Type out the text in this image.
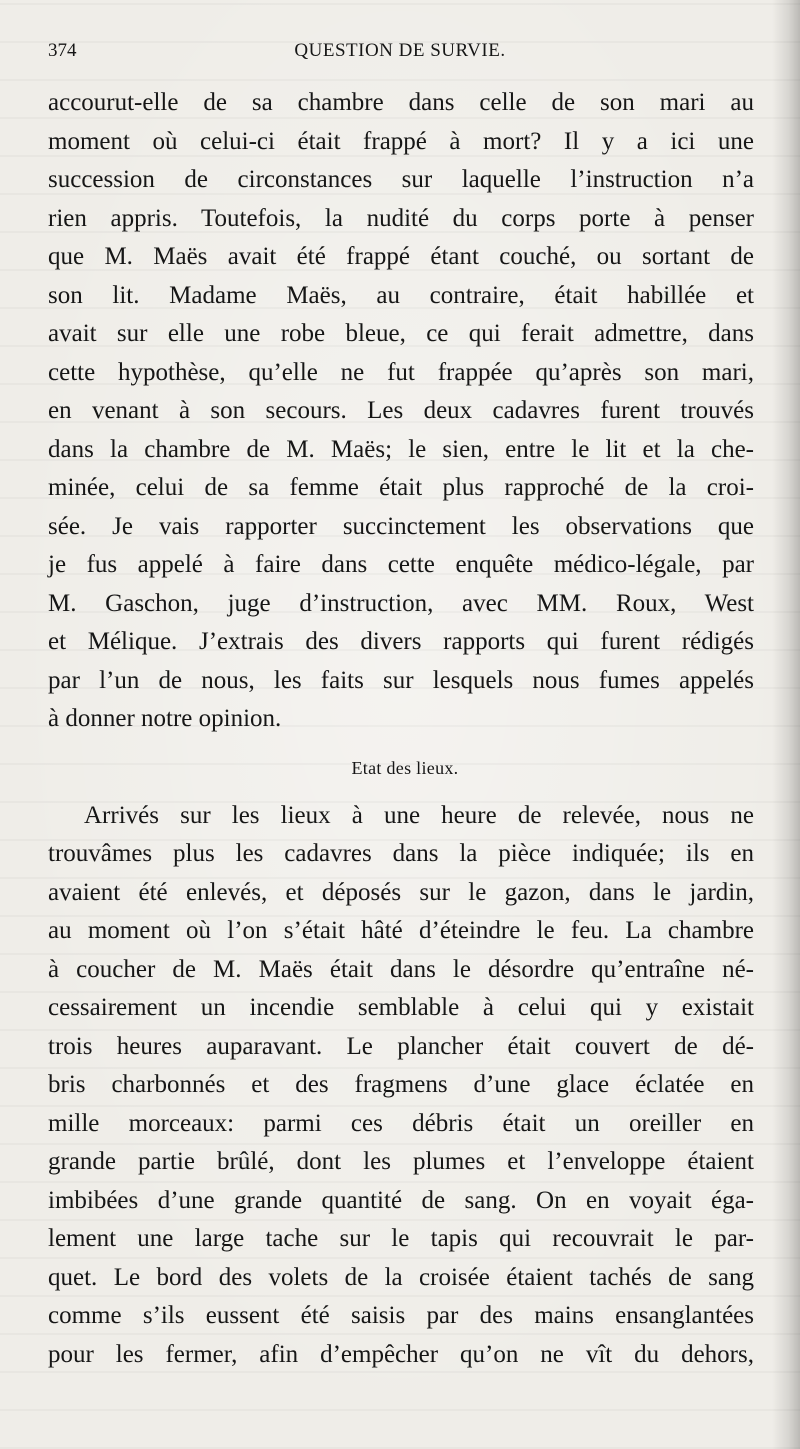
374	QUESTION DE SURVIE.
accourut-elle de sa chambre dans celle de son mari au
moment où celui-ci était frappé à mort? Il y a ici une
succession de circonstances sur laquelle l’instruction n’a
rien appris. Toutefois, la nudité du corps porte à penser
que M. Maës avait été frappé étant couché, ou sortant de
son lit. Madame Maës, au contraire, était habillée et
avait sur elle une robe bleue, ce qui ferait admettre, dans
cette hypothèse, qu’elle ne fut frappée qu’après son mari,
en venant à son secours. Les deux cadavres furent trouvés
dans la chambre de M. Maës; le sien, entre le lit et la che-
minée, celui de sa femme était plus rapproché de la croi-
sée. Je vais rapporter succinctement les observations que
je fus appelé à faire dans cette enquête médico-légale, par
M. Gaschon, juge d’instruction, avec MM. Roux, West
et Mélique. J’extrais des divers rapports qui furent rédigés
par l’un de nous, les faits sur lesquels nous fumes appelés
à donner notre opinion.
Etat des lieux.
Arrivés sur les lieux à une heure de relevée, nous ne
trouvâmes plus les cadavres dans la pièce indiquée; ils en
avaient été enlevés, et déposés sur le gazon, dans le jardin,
au moment où l’on s’était hâté d’éteindre le feu. La chambre
à coucher de M. Maës était dans le désordre qu’entraîne né-
cessairement un incendie semblable à celui qui y existait
trois heures auparavant. Le plancher était couvert de dé-
bris charbonnés et des fragmens d’une glace éclatée en
mille morceaux: parmi ces débris était un oreiller en
grande partie brûlé, dont les plumes et l’enveloppe étaient
imbibées d’une grande quantité de sang. On en voyait éga-
lement une large tache sur le tapis qui recouvrait le par-
quet. Le bord des volets de la croisée étaient tachés de sang
comme s’ils eussent été saisis par des mains ensanglantées
pour les fermer, afin d’empêcher qu’on ne vît du dehors,
